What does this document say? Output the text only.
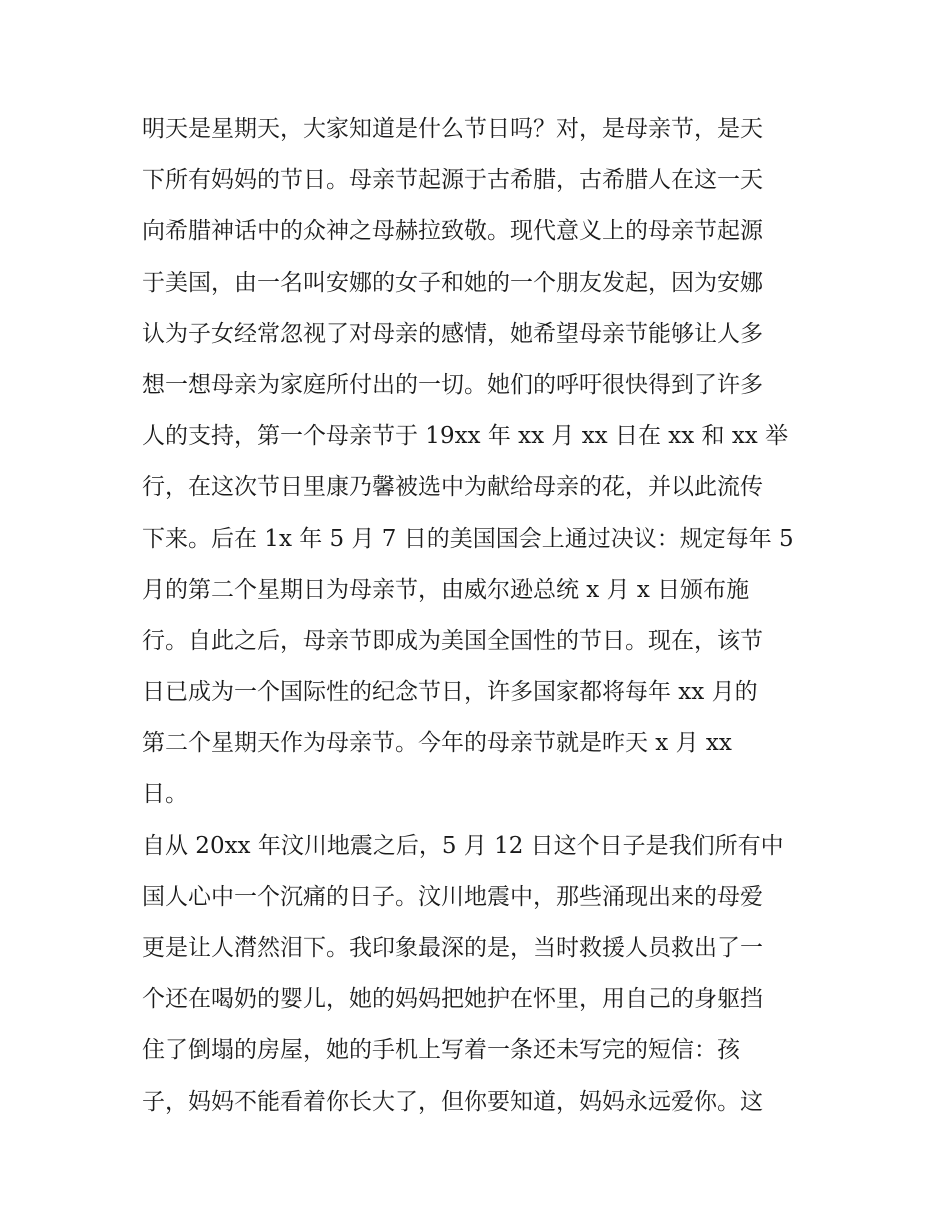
明天是星期天，大家知道是什么节日吗？对，是母亲节，是天
下所有妈妈的节日。母亲节起源于古希腊，古希腊人在这一天
向希腊神话中的众神之母赫拉致敬。现代意义上的母亲节起源
于美国，由一名叫安娜的女子和她的一个朋友发起，因为安娜
认为子女经常忽视了对母亲的感情，她希望母亲节能够让人多
想一想母亲为家庭所付出的一切。她们的呼吁很快得到了许多
人的支持，第一个母亲节于 19xx 年 xx 月 xx 日在 xx 和 xx 举
行，在这次节日里康乃馨被选中为献给母亲的花，并以此流传
下来。后在 1x 年 5 月 7 日的美国国会上通过决议：规定每年 5
月的第二个星期日为母亲节，由威尔逊总统 x 月 x 日颁布施
行。自此之后，母亲节即成为美国全国性的节日。现在，该节
日已成为一个国际性的纪念节日，许多国家都将每年 xx 月的
第二个星期天作为母亲节。今年的母亲节就是昨天 x 月 xx
日。
自从 20xx 年汶川地震之后，5 月 12 日这个日子是我们所有中
国人心中一个沉痛的日子。汶川地震中，那些涌现出来的母爱
更是让人潸然泪下。我印象最深的是，当时救援人员救出了一
个还在喝奶的婴儿，她的妈妈把她护在怀里，用自己的身躯挡
住了倒塌的房屋，她的手机上写着一条还未写完的短信：孩
子，妈妈不能看着你长大了，但你要知道，妈妈永远爱你。这
